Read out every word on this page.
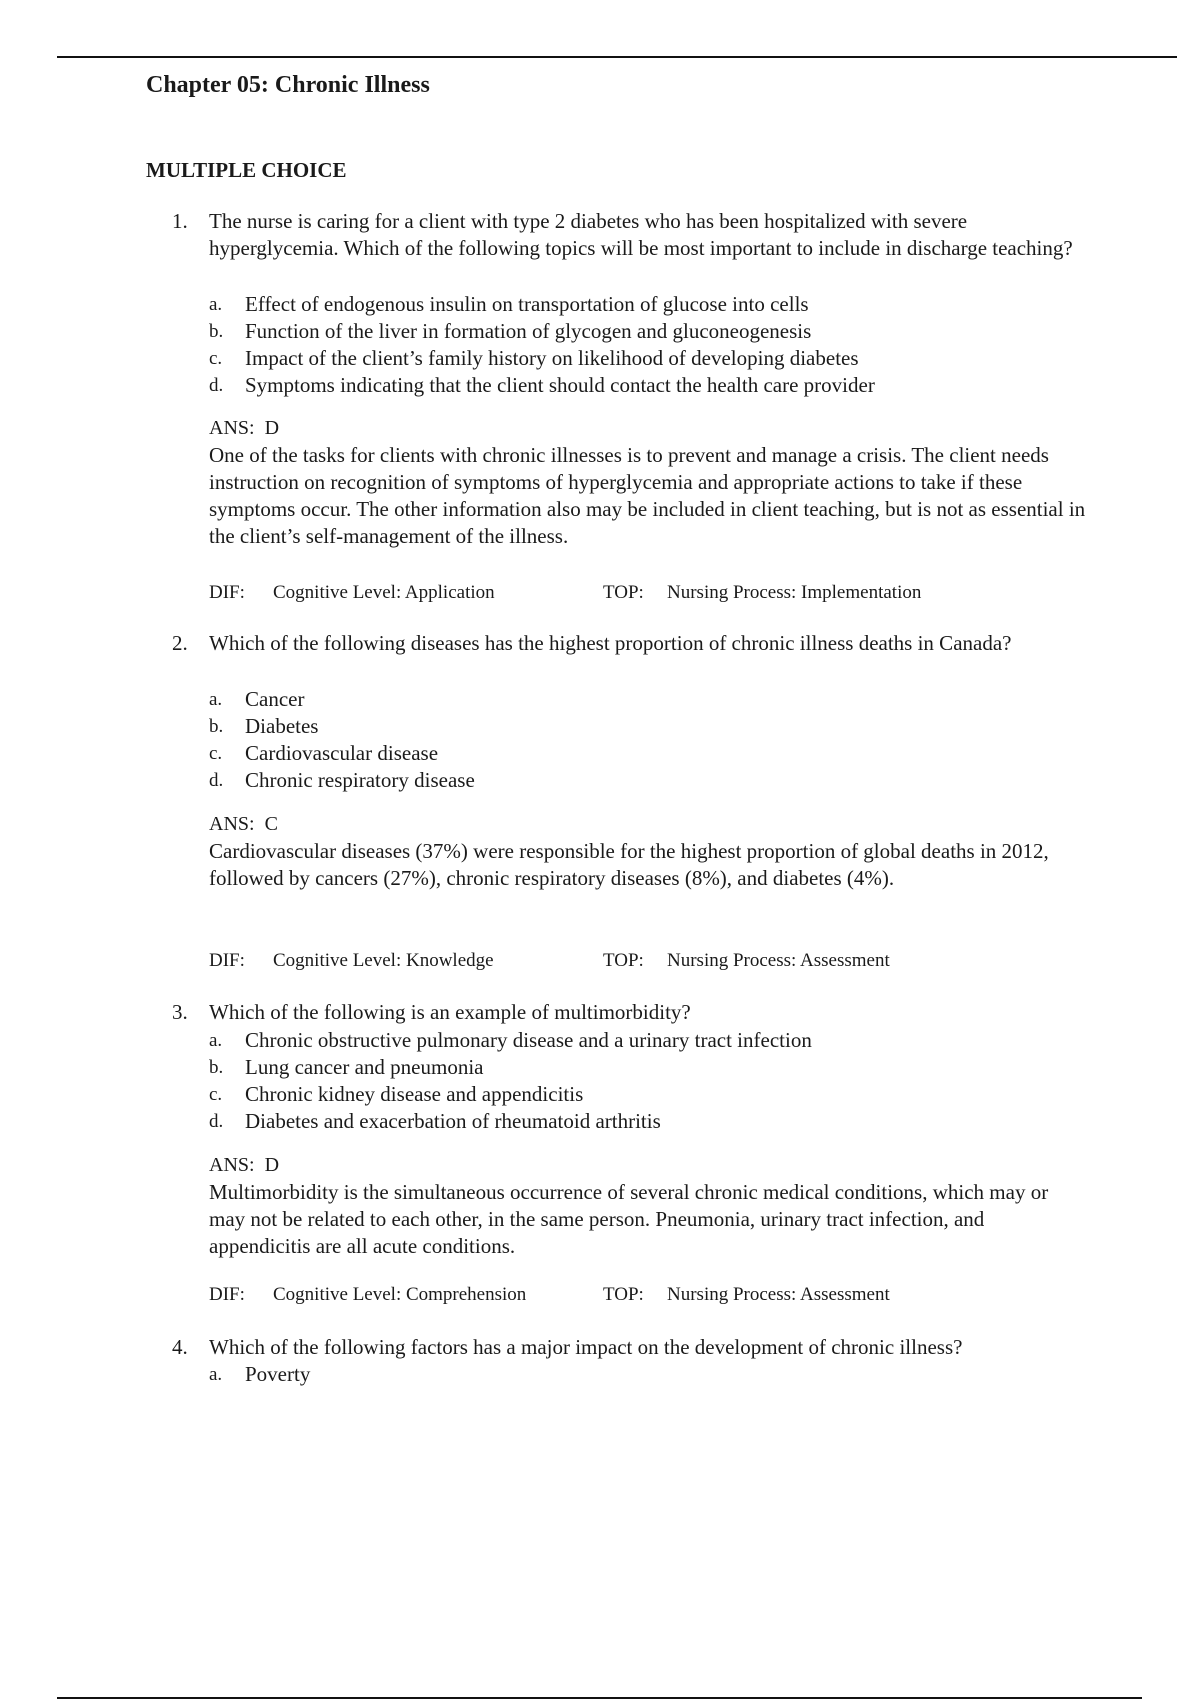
Chapter 05: Chronic Illness
MULTIPLE CHOICE
1. The nurse is caring for a client with type 2 diabetes who has been hospitalized with severe hyperglycemia. Which of the following topics will be most important to include in discharge teaching?
a. Effect of endogenous insulin on transportation of glucose into cells
b. Function of the liver in formation of glycogen and gluconeogenesis
c. Impact of the client’s family history on likelihood of developing diabetes
d. Symptoms indicating that the client should contact the health care provider
ANS: D
One of the tasks for clients with chronic illnesses is to prevent and manage a crisis. The client needs instruction on recognition of symptoms of hyperglycemia and appropriate actions to take if these symptoms occur. The other information also may be included in client teaching, but is not as essential in the client’s self-management of the illness.
DIF: Cognitive Level: Application	TOP: Nursing Process: Implementation
2. Which of the following diseases has the highest proportion of chronic illness deaths in Canada?
a. Cancer
b. Diabetes
c. Cardiovascular disease
d. Chronic respiratory disease
ANS: C
Cardiovascular diseases (37%) were responsible for the highest proportion of global deaths in 2012, followed by cancers (27%), chronic respiratory diseases (8%), and diabetes (4%).
DIF: Cognitive Level: Knowledge	TOP: Nursing Process: Assessment
3. Which of the following is an example of multimorbidity?
a. Chronic obstructive pulmonary disease and a urinary tract infection
b. Lung cancer and pneumonia
c. Chronic kidney disease and appendicitis
d. Diabetes and exacerbation of rheumatoid arthritis
ANS: D
Multimorbidity is the simultaneous occurrence of several chronic medical conditions, which may or may not be related to each other, in the same person. Pneumonia, urinary tract infection, and appendicitis are all acute conditions.
DIF: Cognitive Level: Comprehension	TOP: Nursing Process: Assessment
4. Which of the following factors has a major impact on the development of chronic illness?
a. Poverty
